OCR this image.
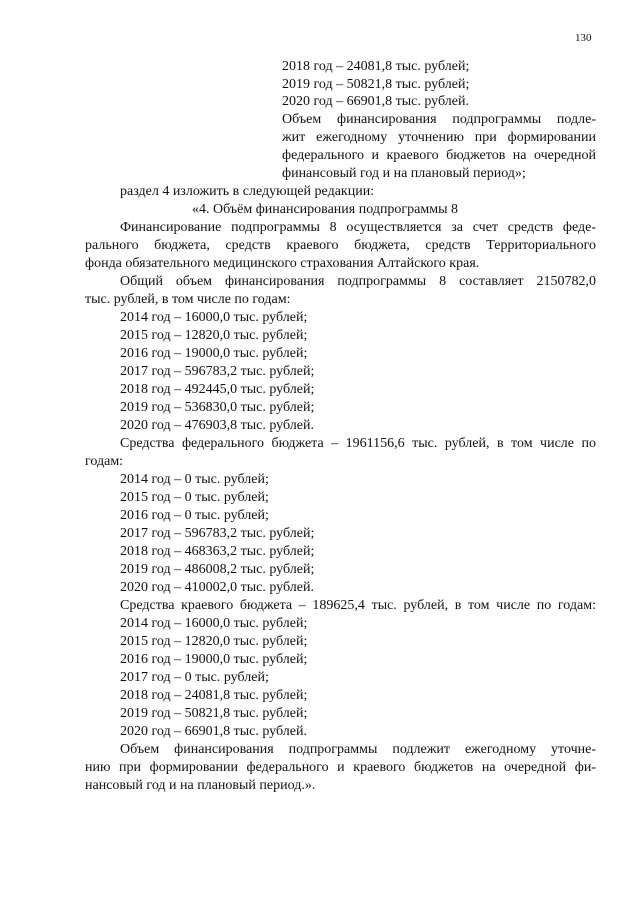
130
2018 год – 24081,8 тыс. рублей;
2019 год – 50821,8 тыс. рублей;
2020 год – 66901,8 тыс. рублей.
Объем финансирования подпрограммы подле-
жит ежегодному уточнению при формировании
федерального и краевого бюджетов на очередной
финансовый год и на плановый период»;
раздел 4 изложить в следующей редакции:
«4. Объём финансирования подпрограммы 8
Финансирование подпрограммы 8 осуществляется за счет средств феде-
рального бюджета, средств краевого бюджета, средств Территориального
фонда обязательного медицинского страхования Алтайского края.
Общий объем финансирования подпрограммы 8 составляет 2150782,0
тыс. рублей, в том числе по годам:
2014 год – 16000,0 тыс. рублей;
2015 год – 12820,0 тыс. рублей;
2016 год – 19000,0 тыс. рублей;
2017 год – 596783,2 тыс. рублей;
2018 год – 492445,0 тыс. рублей;
2019 год – 536830,0 тыс. рублей;
2020 год – 476903,8 тыс. рублей.
Средства федерального бюджета – 1961156,6 тыс. рублей, в том числе по
годам:
2014 год – 0 тыс. рублей;
2015 год – 0 тыс. рублей;
2016 год – 0 тыс. рублей;
2017 год – 596783,2 тыс. рублей;
2018 год – 468363,2 тыс. рублей;
2019 год – 486008,2 тыс. рублей;
2020 год – 410002,0 тыс. рублей.
Средства краевого бюджета – 189625,4 тыс. рублей, в том числе по годам:
2014 год – 16000,0 тыс. рублей;
2015 год – 12820,0 тыс. рублей;
2016 год – 19000,0 тыс. рублей;
2017 год – 0 тыс. рублей;
2018 год – 24081,8 тыс. рублей;
2019 год – 50821,8 тыс. рублей;
2020 год – 66901,8 тыс. рублей.
Объем финансирования подпрограммы подлежит ежегодному уточне-
нию при формировании федерального и краевого бюджетов на очередной фи-
нансовый год и на плановый период.».
